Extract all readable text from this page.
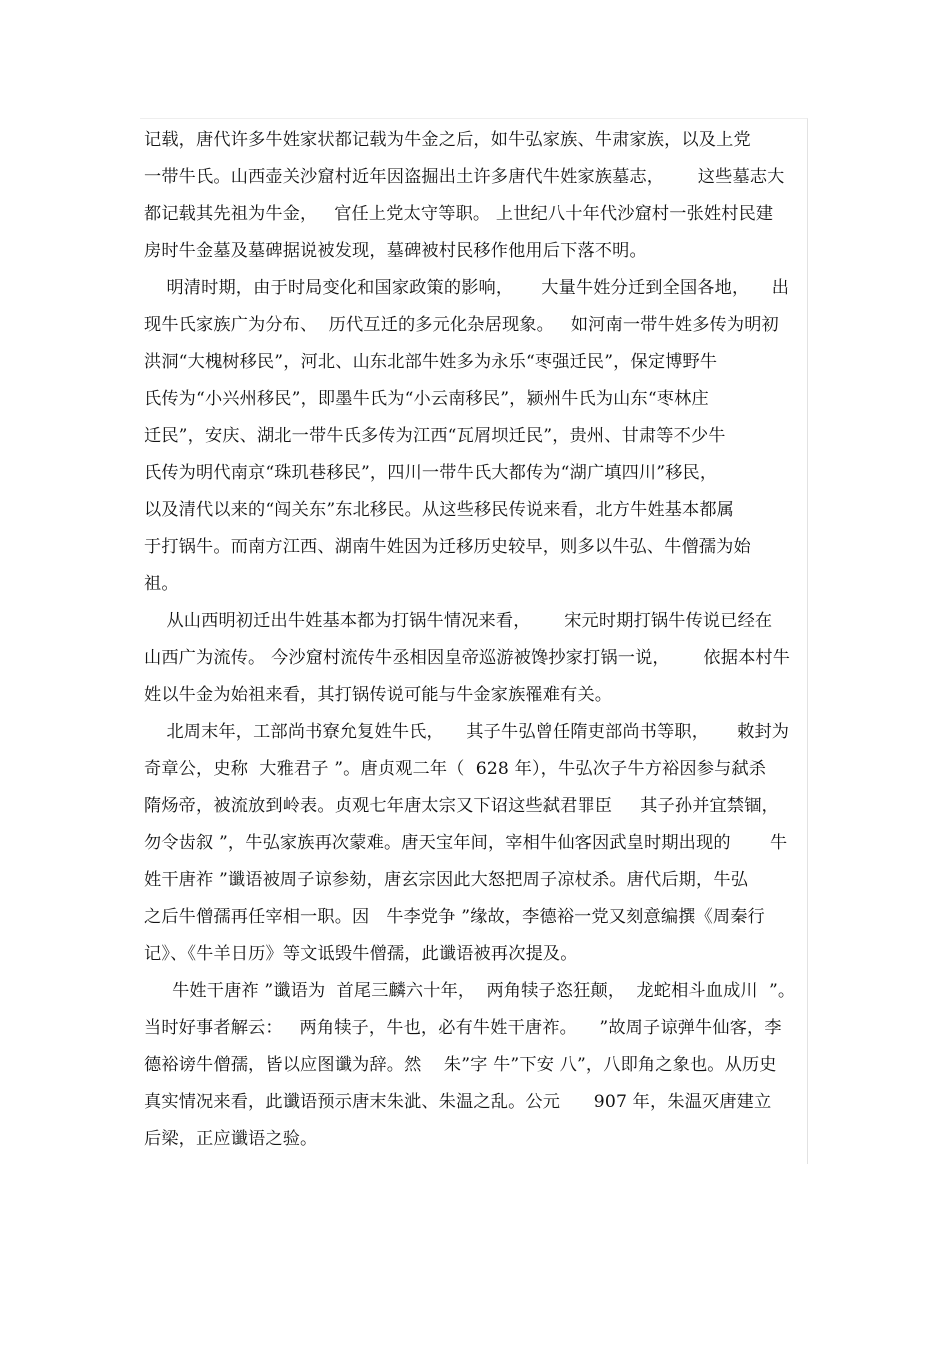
记载，唐代许多牛姓家状都记载为牛金之后，如牛弘家族、牛肃家族，以及上党
一带牛氏。山西壶关沙窟村近年因盗掘出土许多唐代牛姓家族墓志，      这些墓志大
都记载其先祖为牛金，   官任上党太守等职。 上世纪八十年代沙窟村一张姓村民建
房时牛金墓及墓碑据说被发现，墓碑被村民移作他用后下落不明。
明清时期，由于时局变化和国家政策的影响，     大量牛姓分迁到全国各地，    出
现牛氏家族广为分布、  历代互迁的多元化杂居现象。   如河南一带牛姓多传为明初
洪洞“大槐树移民”，河北、山东北部牛姓多为永乐“枣强迁民”，保定博野牛
氏传为“小兴州移民”，即墨牛氏为“小云南移民”，颍州牛氏为山东“枣林庄
迁民”，安庆、湖北一带牛氏多传为江西“瓦屑坝迁民”，贵州、甘肃等不少牛
氏传为明代南京“珠玑巷移民”，四川一带牛氏大都传为“湖广填四川”移民，
以及清代以来的“闯关东”东北移民。从这些移民传说来看，北方牛姓基本都属
于打锅牛。而南方江西、湖南牛姓因为迁移历史较早，则多以牛弘、牛僧孺为始
祖。
从山西明初迁出牛姓基本都为打锅牛情况来看，      宋元时期打锅牛传说已经在
山西广为流传。 今沙窟村流传牛丞相因皇帝巡游被馋抄家打锅一说，      依据本村牛
姓以牛金为始祖来看，其打锅传说可能与牛金家族罹难有关。
北周末年，工部尚书寮允复姓牛氏，    其子牛弘曾任隋吏部尚书等职，     敕封为
奇章公，史称  大雅君子 ”。唐贞观二年（  628 年），牛弘次子牛方裕因参与弑杀
隋炀帝，被流放到岭表。贞观七年唐太宗又下诏这些弑君罪臣     其子孙并宜禁锢，
勿令齿叙 ”，牛弘家族再次蒙难。唐天宝年间，宰相牛仙客因武皇时期出现的       牛
姓干唐祚 ”谶语被周子谅参劾，唐玄宗因此大怒把周子凉杖杀。唐代后期，牛弘
之后牛僧孺再任宰相一职。因   牛李党争 ”缘故，李德裕一党又刻意编撰《周秦行
记》、《牛羊日历》等文诋毁牛僧孺，此谶语被再次提及。
牛姓干唐祚 ”谶语为  首尾三麟六十年，  两角犊子恣狂颠，  龙蛇相斗血成川  ”。
当时好事者解云：   两角犊子，牛也，必有牛姓干唐祚。    ”故周子谅弹牛仙客，李
德裕谤牛僧孺，皆以应图谶为辞。然    朱”字 牛”下安 八”，八即角之象也。从历史
真实情况来看，此谶语预示唐末朱泚、朱温之乱。公元      907 年，朱温灭唐建立
后梁，正应谶语之验。
